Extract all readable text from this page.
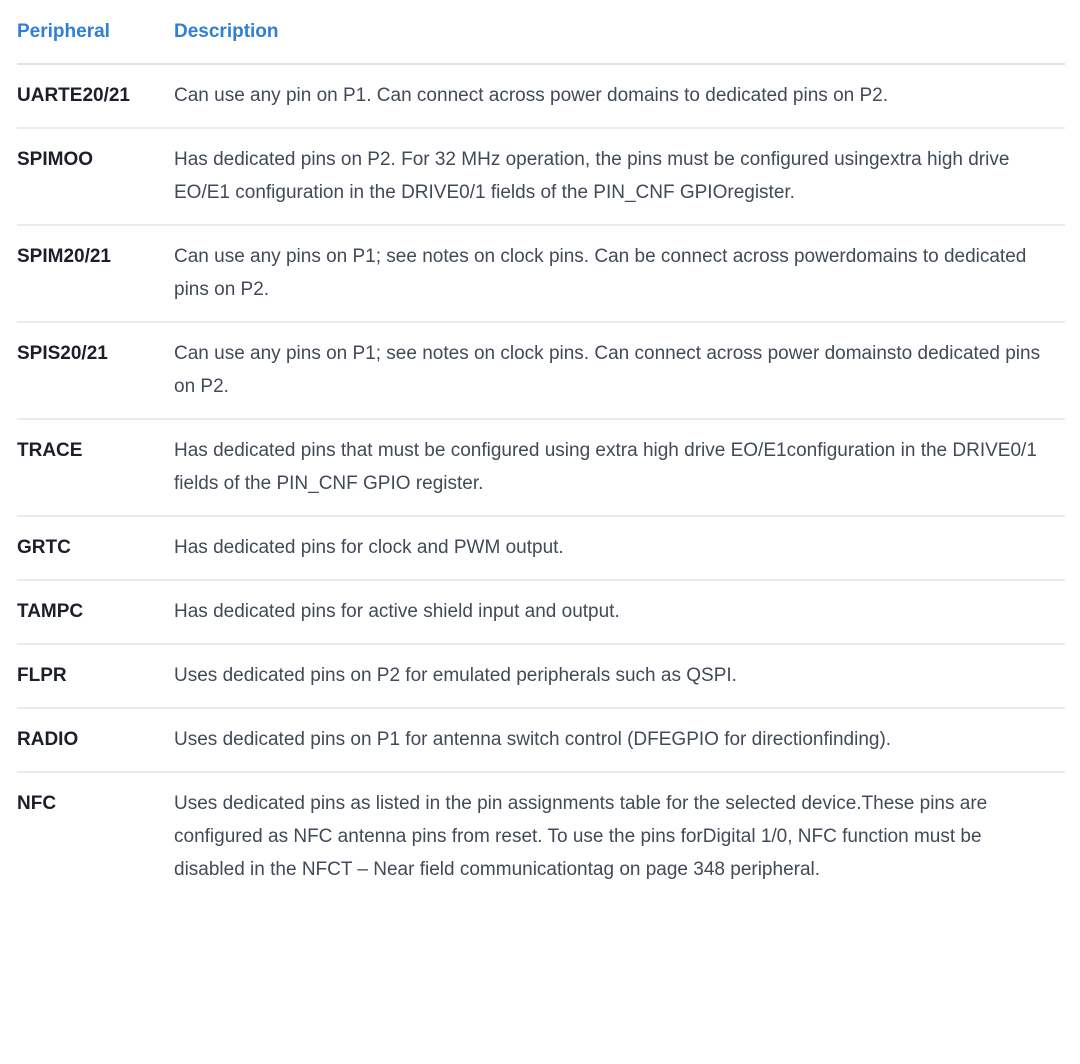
Peripheral	Description
UARTE20/21	Can use any pin on P1. Can connect across power domains to dedicated pins on P2.
SPIMOO	Has dedicated pins on P2. For 32 MHz operation, the pins must be configured usingextra high drive EO/E1 configuration in the DRIVE0/1 fields of the PIN_CNF GPIOregister.
SPIM20/21	Can use any pins on P1; see notes on clock pins. Can be connect across powerdomains to dedicated pins on P2.
SPIS20/21	Can use any pins on P1; see notes on clock pins. Can connect across power domainsto dedicated pins on P2.
TRACE	Has dedicated pins that must be configured using extra high drive EO/E1configuration in the DRIVE0/1 fields of the PIN_CNF GPIO register.
GRTC	Has dedicated pins for clock and PWM output.
TAMPC	Has dedicated pins for active shield input and output.
FLPR	Uses dedicated pins on P2 for emulated peripherals such as QSPI.
RADIO	Uses dedicated pins on P1 for antenna switch control (DFEGPIO for directionfinding).
NFC	Uses dedicated pins as listed in the pin assignments table for the selected device.These pins are configured as NFC antenna pins from reset. To use the pins forDigital 1/0, NFC function must be disabled in the NFCT – Near field communicationtag on page 348 peripheral.
